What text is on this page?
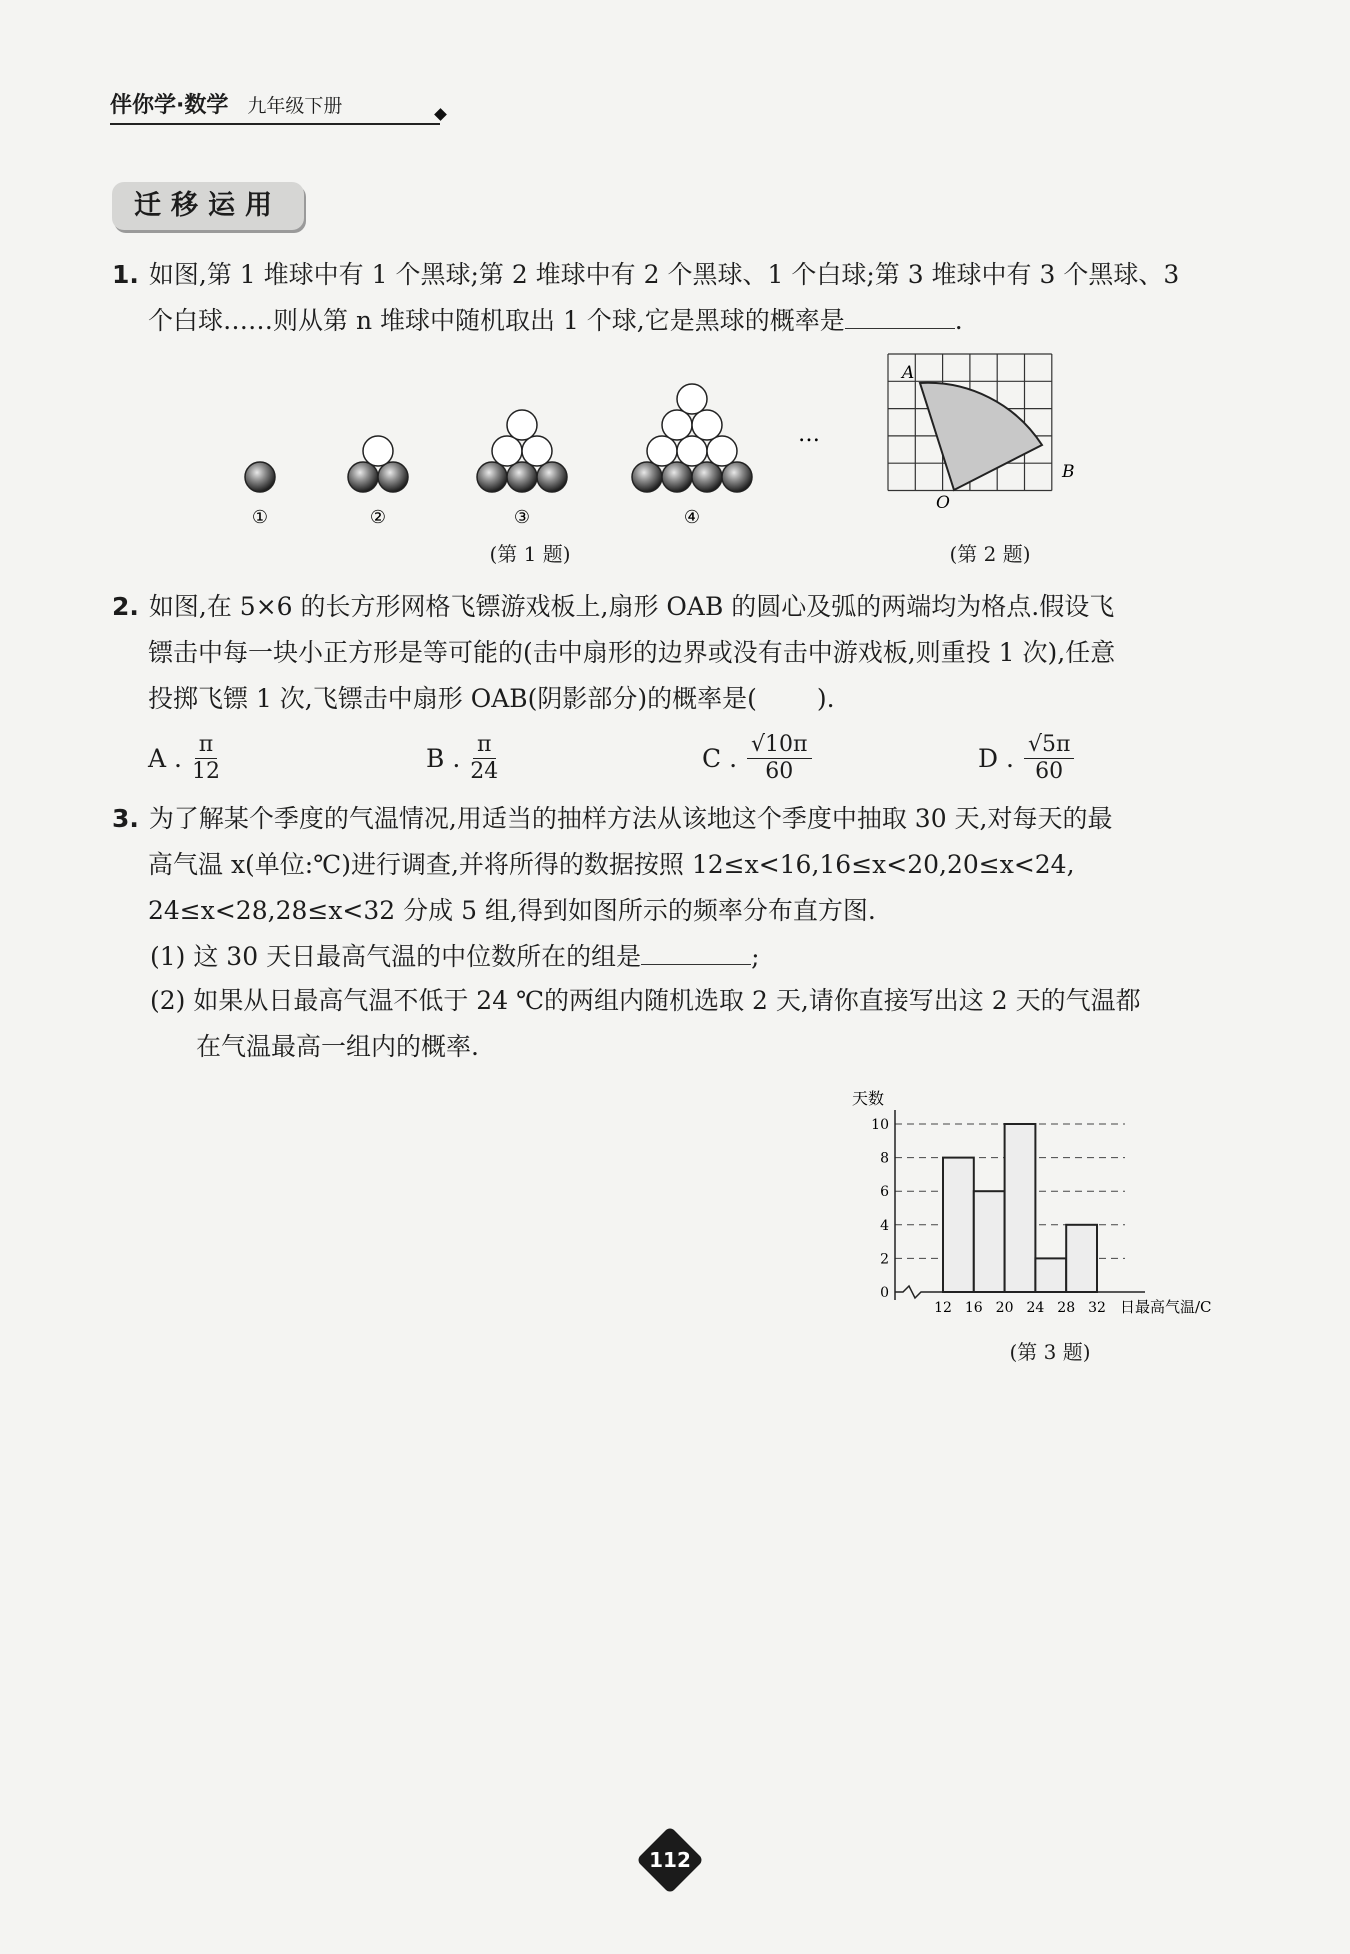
伴你学·数学 九年级下册
迁移运用
1. 如图,第 1 堆球中有 1 个黑球;第 2 堆球中有 2 个黑球、1 个白球;第 3 堆球中有 3 个黑球、3
个白球……则从第 n 堆球中随机取出 1 个球,它是黑球的概率是	.
①	②	③	④
…
(第 1 题)
A
B
O
(第 2 题)
2. 如图,在 5×6 的长方形网格飞镖游戏板上,扇形 OAB 的圆心及弧的两端均为格点.假设飞
镖击中每一块小正方形是等可能的(击中扇形的边界或没有击中游戏板,则重投 1 次),任意
投掷飞镖 1 次,飞镖击中扇形 OAB(阴影部分)的概率是( ).
A . $\frac{\pi}{12}$	B . $\frac{\pi}{24}$	C . $\frac{√10\pi}{60}$	D . $\frac{√5\pi}{60}$
3. 为了解某个季度的气温情况,用适当的抽样方法从该地这个季度中抽取 30 天,对每天的最
高气温 x(单位:℃)进行调查,并将所得的数据按照 12≤x<16,16≤x<20,20≤x<24,
24≤x<28,28≤x<32 分成 5 组,得到如图所示的频率分布直方图.
(1) 这 30 天日最高气温的中位数所在的组是	;
(2) 如果从日最高气温不低于 24 ℃的两组内随机选取 2 天,请你直接写出这 2 天的气温都
在气温最高一组内的概率.
天数
日最高气温/C
0
2
4
6
8
10
12 16 20 24 28 32
(第 3 题)
112
